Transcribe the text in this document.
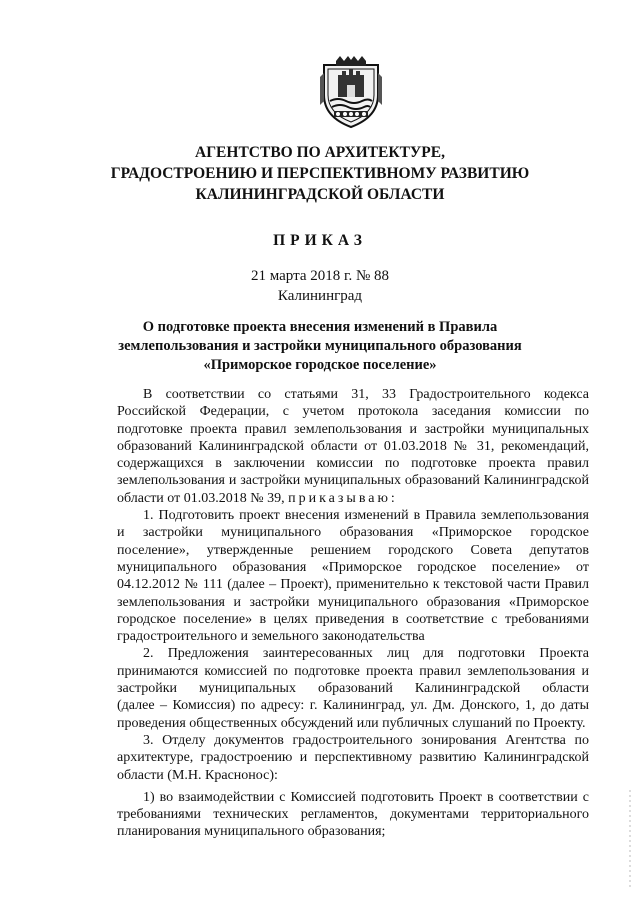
АГЕНТСТВО ПО АРХИТЕКТУРЕ,
ГРАДОСТРОЕНИЮ И ПЕРСПЕКТИВНОМУ РАЗВИТИЮ
КАЛИНИНГРАДСКОЙ ОБЛАСТИ
ПРИКАЗ
21 марта 2018 г. № 88
Калининград
О подготовке проекта внесения изменений в Правила
землепользования и застройки муниципального образования
«Приморское городское поселение»
В соответствии со статьями 31, 33 Градостроительного кодекса
Российской Федерации, с учетом протокола заседания комиссии по
подготовке проекта правил землепользования и застройки муниципальных
образований Калининградской области от 01.03.2018 № 31, рекомендаций,
содержащихся в заключении комиссии по подготовке проекта правил
землепользования и застройки муниципальных образований Калининградской
области от 01.03.2018 № 39, приказываю:
1. Подготовить проект внесения изменений в Правила землепользования
и застройки муниципального образования «Приморское городское
поселение», утвержденные решением городского Совета депутатов
муниципального образования «Приморское городское поселение» от
04.12.2012 № 111 (далее – Проект), применительно к текстовой части Правил
землепользования и застройки муниципального образования «Приморское
городское поселение» в целях приведения в соответствие с требованиями
градостроительного и земельного законодательства
2. Предложения заинтересованных лиц для подготовки Проекта
принимаются комиссией по подготовке проекта правил землепользования и
застройки муниципальных образований Калининградской области
(далее – Комиссия) по адресу: г. Калининград, ул. Дм. Донского, 1, до даты
проведения общественных обсуждений или публичных слушаний по Проекту.
3. Отделу документов градостроительного зонирования Агентства по
архитектуре, градостроению и перспективному развитию Калининградской
области (М.Н. Краснонос):
1) во взаимодействии с Комиссией подготовить Проект в соответствии с
требованиями технических регламентов, документами территориального
планирования муниципального образования;
